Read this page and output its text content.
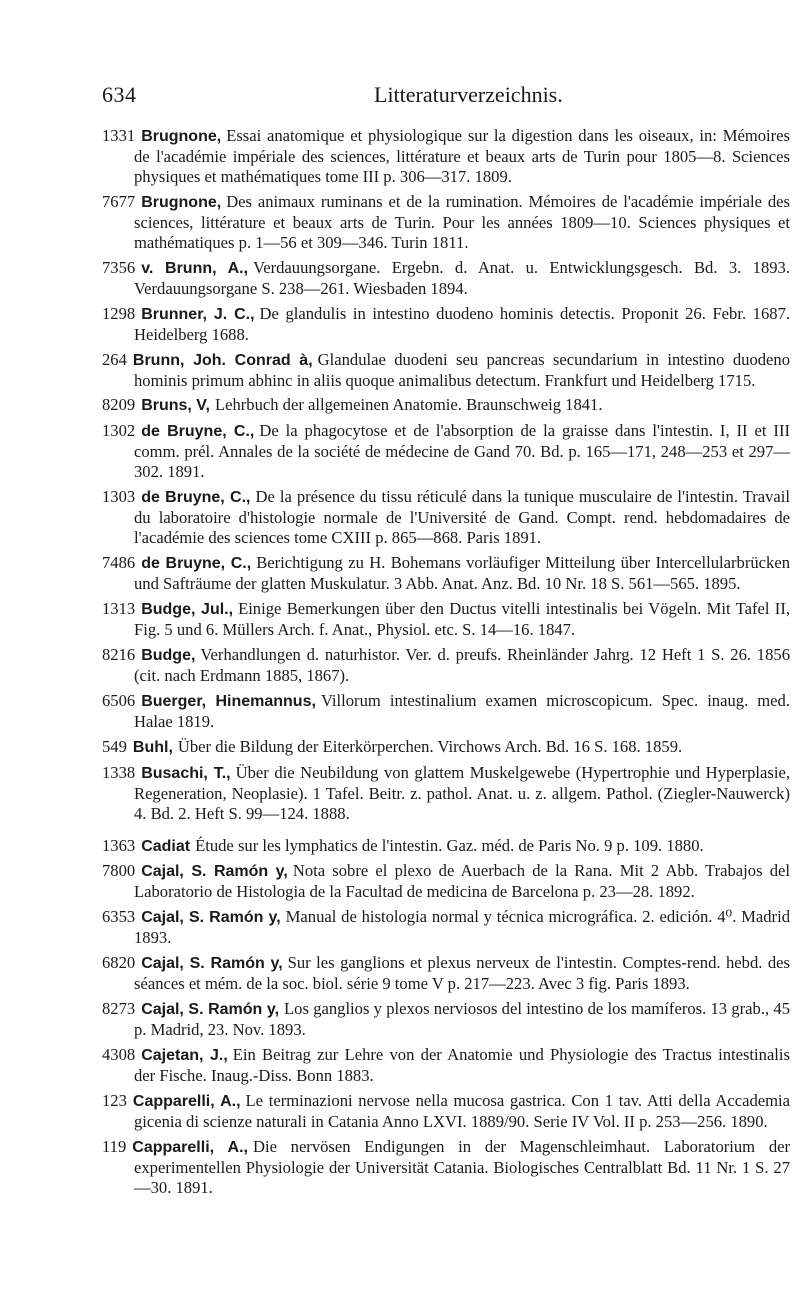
634	Litteraturverzeichnis.

1331 Brugnone, Essai anatomique et physiologique sur la digestion dans les oiseaux, in: Mémoires de l'académie impériale des sciences, littérature et beaux arts de Turin pour 1805—8. Sciences physiques et mathématiques tome III p. 306—317. 1809.

7677 Brugnone, Des animaux ruminans et de la rumination. Mémoires de l'académie impériale des sciences, littérature et beaux arts de Turin. Pour les années 1809—10. Sciences physiques et mathématiques p. 1—56 et 309—346. Turin 1811.

7356 v. Brunn, A., Verdauungsorgane. Ergebn. d. Anat. u. Entwicklungsgesch. Bd. 3. 1893. Verdauungsorgane S. 238—261. Wiesbaden 1894.

1298 Brunner, J. C., De glandulis in intestino duodeno hominis detectis. Proponit 26. Febr. 1687. Heidelberg 1688.

264 Brunn, Joh. Conrad à, Glandulae duodeni seu pancreas secundarium in intestino duodeno hominis primum abhinc in aliis quoque animalibus detectum. Frankfurt und Heidelberg 1715.

8209 Bruns, V, Lehrbuch der allgemeinen Anatomie. Braunschweig 1841.

1302 de Bruyne, C., De la phagocytose et de l'absorption de la graisse dans l'intestin. I, II et III comm. prél. Annales de la société de médecine de Gand 70. Bd. p. 165—171, 248—253 et 297—302. 1891.

1303 de Bruyne, C., De la présence du tissu réticulé dans la tunique musculaire de l'intestin. Travail du laboratoire d'histologie normale de l'Université de Gand. Compt. rend. hebdomadaires de l'académie des sciences tome CXIII p. 865—868. Paris 1891.

7486 de Bruyne, C., Berichtigung zu H. Bohemans vorläufiger Mitteilung über Intercellularbrücken und Safträume der glatten Muskulatur. 3 Abb. Anat. Anz. Bd. 10 Nr. 18 S. 561—565. 1895.

1313 Budge, Jul., Einige Bemerkungen über den Ductus vitelli intestinalis bei Vögeln. Mit Tafel II, Fig. 5 und 6. Müllers Arch. f. Anat., Physiol. etc. S. 14—16. 1847.

8216 Budge, Verhandlungen d. naturhistor. Ver. d. preufs. Rheinländer Jahrg. 12 Heft 1 S. 26. 1856 (cit. nach Erdmann 1885, 1867).

6506 Buerger, Hinemannus, Villorum intestinalium examen microscopicum. Spec. inaug. med. Halae 1819.

549 Buhl, Über die Bildung der Eiterkörperchen. Virchows Arch. Bd. 16 S. 168. 1859.

1338 Busachi, T., Über die Neubildung von glattem Muskelgewebe (Hypertrophie und Hyperplasie, Regeneration, Neoplasie). 1 Tafel. Beitr. z. pathol. Anat. u. z. allgem. Pathol. (Ziegler-Nauwerck) 4. Bd. 2. Heft S. 99—124. 1888.

1363 Cadiat Étude sur les lymphatics de l'intestin. Gaz. méd. de Paris No. 9 p. 109. 1880.

7800 Cajal, S. Ramón y, Nota sobre el plexo de Auerbach de la Rana. Mit 2 Abb. Trabajos del Laboratorio de Histologia de la Facultad de medicina de Barcelona p. 23—28. 1892.

6353 Cajal, S. Ramón y, Manual de histologia normal y técnica micrográfica. 2. edición. 4⁰. Madrid 1893.

6820 Cajal, S. Ramón y, Sur les ganglions et plexus nerveux de l'intestin. Comptes-rend. hebd. des séances et mém. de la soc. biol. série 9 tome V p. 217—223. Avec 3 fig. Paris 1893.

8273 Cajal, S. Ramón y, Los ganglios y plexos nerviosos del intestino de los mamíferos. 13 grab., 45 p. Madrid, 23. Nov. 1893.

4308 Cajetan, J., Ein Beitrag zur Lehre von der Anatomie und Physiologie des Tractus intestinalis der Fische. Inaug.-Diss. Bonn 1883.

123 Capparelli, A., Le terminazioni nervose nella mucosa gastrica. Con 1 tav. Atti della Accademia gicenia di scienze naturali in Catania Anno LXVI. 1889/90. Serie IV Vol. II p. 253—256. 1890.

119 Capparelli, A., Die nervösen Endigungen in der Magenschleimhaut. Laboratorium der experimentellen Physiologie der Universität Catania. Biologisches Centralblatt Bd. 11 Nr. 1 S. 27—30. 1891.
